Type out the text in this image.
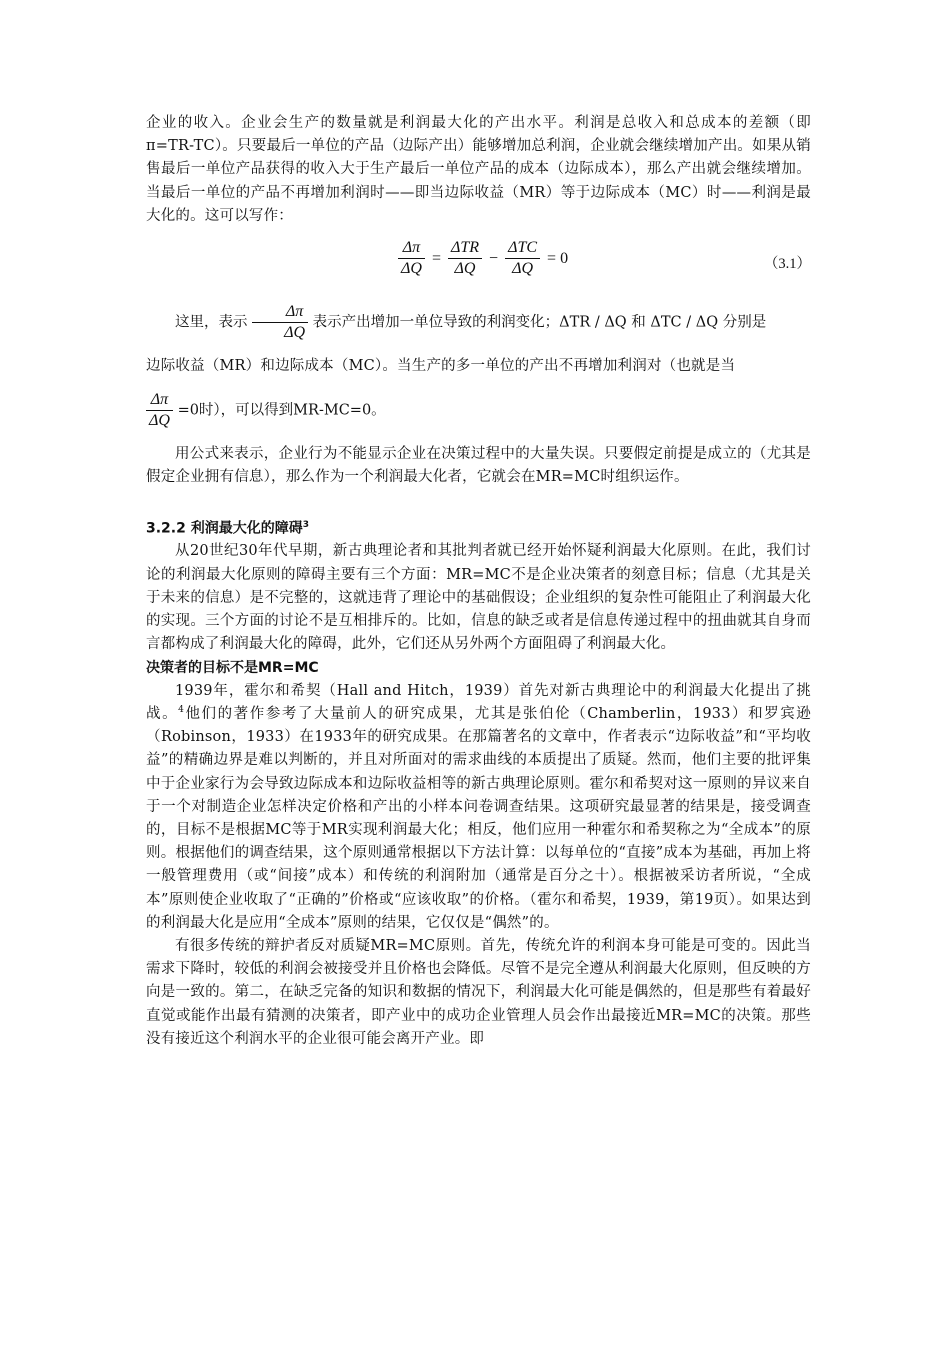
企业的收入。企业会生产的数量就是利润最大化的产出水平。利润是总收入和总成本的差额（即π=TR-TC）。只要最后一单位的产品（边际产出）能够增加总利润，企业就会继续增加产出。如果从销售最后一单位产品获得的收入大于生产最后一单位产品的成本（边际成本），那么产出就会继续增加。当最后一单位的产品不再增加利润时——即当边际收益（MR）等于边际成本（MC）时——利润是最大化的。这可以写作：

$\frac{\Delta\pi}{\Delta Q} = \frac{\text{ΔTR}}{\Delta Q} - \frac{\text{ΔTC}}{\Delta Q} = 0$	（3.1）

这里，表示 $\frac{\Delta\pi}{\Delta Q}$ 表示产出增加一单位导致的利润变化；ΔTR / ΔQ 和 ΔTC / ΔQ 分别是

边际收益（MR）和边际成本（MC）。当生产的多一单位的产出不再增加利润对（也就是当

$\frac{\Delta\pi}{\Delta Q} =0$时），可以得到MR-MC=0。

用公式来表示，企业行为不能显示企业在决策过程中的大量失误。只要假定前提是成立的（尤其是假定企业拥有信息），那么作为一个利润最大化者，它就会在MR=MC时组织运作。

3.2.2 利润最大化的障碍$^3$

从20世纪30年代早期，新古典理论者和其批判者就已经开始怀疑利润最大化原则。在此，我们讨论的利润最大化原则的障碍主要有三个方面：MR=MC不是企业决策者的刻意目标；信息（尤其是关于未来的信息）是不完整的，这就违背了理论中的基础假设；企业组织的复杂性可能阻止了利润最大化的实现。三个方面的讨论不是互相排斥的。比如，信息的缺乏或者是信息传递过程中的扭曲就其自身而言都构成了利润最大化的障碍，此外，它们还从另外两个方面阻碍了利润最大化。

决策者的目标不是MR=MC

1939年，霍尔和希契（Hall and Hitch，1939）首先对新古典理论中的利润最大化提出了挑战。$^4$他们的著作参考了大量前人的研究成果，尤其是张伯伦（Chamberlin，1933）和罗宾逊（Robinson，1933）在1933年的研究成果。在那篇著名的文章中，作者表示“边际收益”和“平均收益”的精确边界是难以判断的，并且对所面对的需求曲线的本质提出了质疑。然而，他们主要的批评集中于企业家行为会导致边际成本和边际收益相等的新古典理论原则。霍尔和希契对这一原则的异议来自于一个对制造企业怎样决定价格和产出的小样本问卷调查结果。这项研究最显著的结果是，接受调查的，目标不是根据MC等于MR实现利润最大化；相反，他们应用一种霍尔和希契称之为“全成本”的原则。根据他们的调查结果，这个原则通常根据以下方法计算：以每单位的“直接”成本为基础，再加上将一般管理费用（或“间接”成本）和传统的利润附加（通常是百分之十）。根据被采访者所说，“全成本”原则使企业收取了“正确的”价格或“应该收取”的价格。（霍尔和希契，1939，第19页）。如果达到的利润最大化是应用“全成本”原则的结果，它仅仅是“偶然”的。

有很多传统的辩护者反对质疑MR=MC原则。首先，传统允许的利润本身可能是可变的。因此当需求下降时，较低的利润会被接受并且价格也会降低。尽管不是完全遵从利润最大化原则，但反映的方向是一致的。第二，在缺乏完备的知识和数据的情况下，利润最大化可能是偶然的，但是那些有着最好直觉或能作出最有猜测的决策者，即产业中的成功企业管理人员会作出最接近MR=MC的决策。那些没有接近这个利润水平的企业很可能会离开产业。即
